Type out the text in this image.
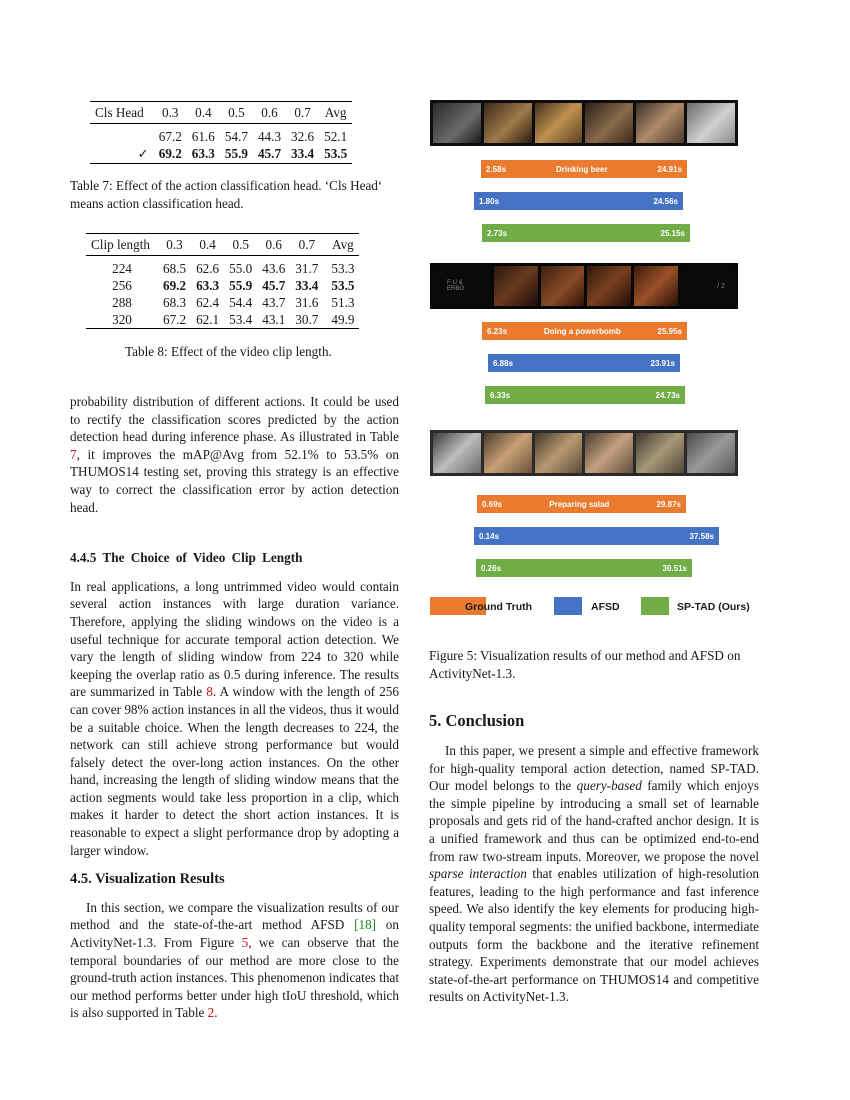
Cls Head	0.3	0.4	0.5	0.6	0.7	Avg
	67.2	61.6	54.7	44.3	32.6	52.1
✓	69.2	63.3	55.9	45.7	33.4	53.5

Table 7: Effect of the action classification head. ‘Cls Head‘ means action classification head.

Clip length	0.3	0.4	0.5	0.6	0.7	Avg
224	68.5	62.6	55.0	43.6	31.7	53.3
256	69.2	63.3	55.9	45.7	33.4	53.5
288	68.3	62.4	54.4	43.7	31.6	51.3
320	67.2	62.1	53.4	43.1	30.7	49.9

Table 8: Effect of the video clip length.

probability distribution of different actions. It could be used to rectify the classification scores predicted by the action detection head during inference phase. As illustrated in Table 7, it improves the mAP@Avg from 52.1% to 53.5% on THUMOS14 testing set, proving this strategy is an effective way to correct the classification error by action detection head.

4.4.5 The Choice of Video Clip Length

In real applications, a long untrimmed video would contain several action instances with large duration variance. Therefore, applying the sliding windows on the video is a useful technique for accurate temporal action detection. We vary the length of sliding window from 224 to 320 while keeping the overlap ratio as 0.5 during inference. The results are summarized in Table 8. A window with the length of 256 can cover 98% action instances in all the videos, thus it would be a suitable choice. When the length decreases to 224, the network can still achieve strong performance but would falsely detect the over-long action instances. On the other hand, increasing the length of sliding window means that the action segments would take less proportion in a clip, which makes it harder to detect the short action instances. It is reasonable to expect a slight performance drop by adopting a larger window.

4.5. Visualization Results

In this section, we compare the visualization results of our method and the state-of-the-art method AFSD [18] on ActivityNet-1.3. From Figure 5, we can observe that the temporal boundaries of our method are more close to the ground-truth action instances. This phenomenon indicates that our method performs better under high tIoU threshold, which is also supported in Table 2.

2.58s	Drinking beer	24.91s
1.80s	24.56s
2.73s	25.15s
F-U & ERBO	/ 2
6.23s	Doing a powerbomb	25.95s
6.88s	23.91s
6.33s	24.73s
0.69s	Preparing salad	29.87s
0.14s	37.58s
0.26s	30.51s
Ground Truth	AFSD	SP-TAD (Ours)

Figure 5: Visualization results of our method and AFSD on ActivityNet-1.3.

5. Conclusion

In this paper, we present a simple and effective framework for high-quality temporal action detection, named SP-TAD. Our model belongs to the query-based family which enjoys the simple pipeline by introducing a small set of learnable proposals and gets rid of the hand-crafted anchor design. It is a unified framework and thus can be optimized end-to-end from raw two-stream inputs. Moreover, we propose the novel sparse interaction that enables utilization of high-resolution features, leading to the high performance and fast inference speed. We also identify the key elements for producing high-quality temporal segments: the unified backbone, intermediate outputs form the backbone and the iterative refinement strategy. Experiments demonstrate that our model achieves state-of-the-art performance on THUMOS14 and competitive results on ActivityNet-1.3.
